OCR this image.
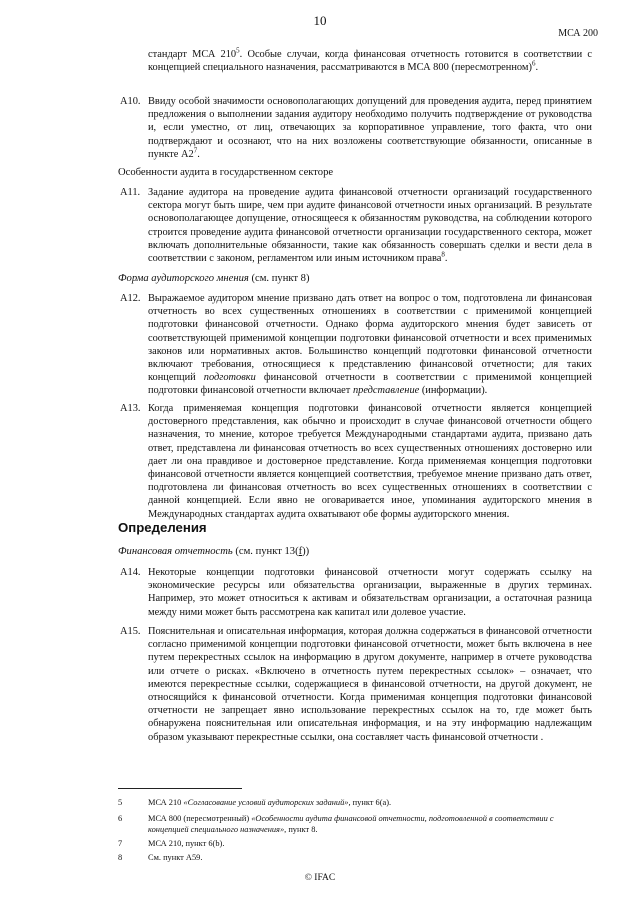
10
МСА 200
стандарт МСА $210^5$. Особые случаи, когда финансовая отчетность готовится в соответствии с концепцией специального назначения, рассматриваются в МСА 800 (пересмотренном)$^6$.
A10. Ввиду особой значимости основополагающих допущений для проведения аудита, перед принятием предложения о выполнении задания аудитору необходимо получить подтверждение от руководства и, если уместно, от лиц, отвечающих за корпоративное управление, того факта, что они подтверждают и осознают, что на них возложены соответствующие обязанности, описанные в пункте $A2^7$.
Особенности аудита в государственном секторе
A11. Задание аудитора на проведение аудита финансовой отчетности организаций государственного сектора могут быть шире, чем при аудите финансовой отчетности иных организаций. В результате основополагающее допущение, относящееся к обязанностям руководства, на соблюдении которого строится проведение аудита финансовой отчетности организации государственного сектора, может включать дополнительные обязанности, такие как обязанность совершать сделки и вести дела в соответствии с законом, регламентом или иным источником права$^8$.
Форма аудиторского мнения (см. пункт 8)
A12. Выражаемое аудитором мнение призвано дать ответ на вопрос о том, подготовлена ли финансовая отчетность во всех существенных отношениях в соответствии с применимой концепцией подготовки финансовой отчетности. Однако форма аудиторского мнения будет зависеть от соответствующей применимой концепции подготовки финансовой отчетности и всех применимых законов или нормативных актов. Большинство концепций подготовки финансовой отчетности включают требования, относящиеся к представлению финансовой отчетности; для таких концепций подготовки финансовой отчетности в соответствии с применимой концепцией подготовки финансовой отчетности включает представление (информации).
A13. Когда применяемая концепция подготовки финансовой отчетности является концепцией достоверного представления, как обычно и происходит в случае финансовой отчетности общего назначения, то мнение, которое требуется Международными стандартами аудита, призвано дать ответ, представлена ли финансовая отчетность во всех существенных отношениях достоверно или дает ли она правдивое и достоверное представление. Когда применяемая концепция подготовки финансовой отчетности является концепцией соответствия, требуемое мнение призвано дать ответ, подготовлена ли финансовая отчетность во всех существенных отношениях в соответствии с данной концепцией. Если явно не оговаривается иное, упоминания аудиторского мнения в Международных стандартах аудита охватывают обе формы аудиторского мнения.
Определения
Финансовая отчетность (см. пункт 13(f))
A14. Некоторые концепции подготовки финансовой отчетности могут содержать ссылку на экономические ресурсы или обязательства организации, выраженные в других терминах. Например, это может относиться к активам и обязательствам организации, а остаточная разница между ними может быть рассмотрена как капитал или долевое участие.
A15. Пояснительная и описательная информация, которая должна содержаться в финансовой отчетности согласно применимой концепции подготовки финансовой отчетности, может быть включена в нее путем перекрестных ссылок на информацию в другом документе, например в отчете руководства или отчете о рисках. «Включено в отчетность путем перекрестных ссылок» – означает, что имеются перекрестные ссылки, содержащиеся в финансовой отчетности, на другой документ, не относящийся к финансовой отчетности. Когда применимая концепция подготовки финансовой отчетности не запрещает явно использование перекрестных ссылок на то, где может быть обнаружена пояснительная или описательная информация, и на эту информацию надлежащим образом указывают перекрестные ссылки, она составляет часть финансовой отчетности .
5	МСА 210 «Согласование условий аудиторских заданий», пункт 6(а).
6	МСА 800 (пересмотренный) «Особенности аудита финансовой отчетности, подготовленной в соответствии с концепцией специального назначения», пункт 8.
7	МСА 210, пункт 6(b).
8	См. пункт А59.
© IFAC
